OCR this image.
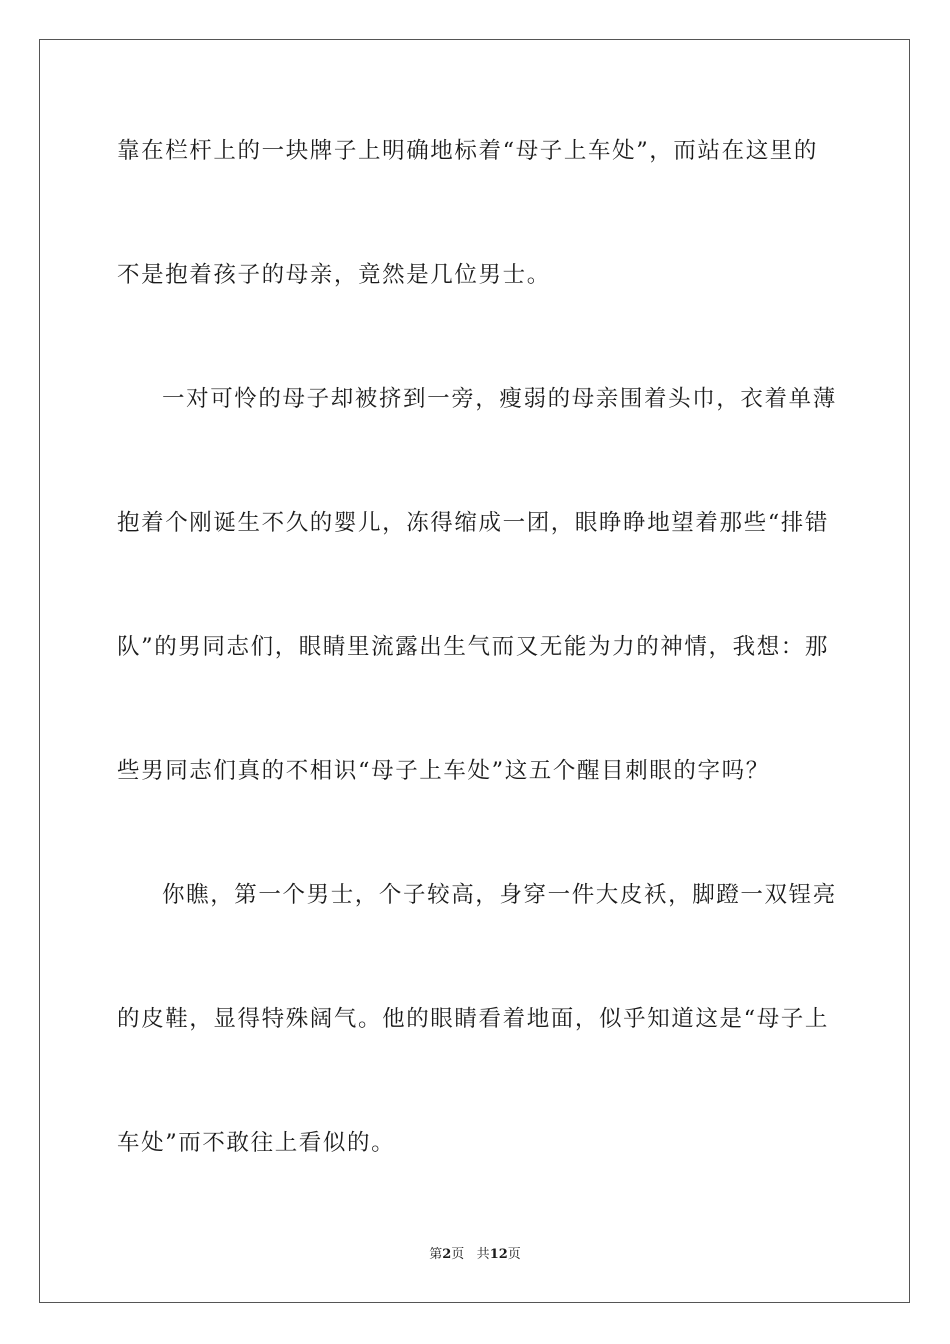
靠在栏杆上的一块牌子上明确地标着“母子上车处”，而站在这里的
不是抱着孩子的母亲，竟然是几位男士。
一对可怜的母子却被挤到一旁，瘦弱的母亲围着头巾，衣着单薄
抱着个刚诞生不久的婴儿，冻得缩成一团，眼睁睁地望着那些“排错
队”的男同志们，眼睛里流露出生气而又无能为力的神情，我想：那
些男同志们真的不相识“母子上车处”这五个醒目刺眼的字吗？
你瞧，第一个男士，个子较高，身穿一件大皮袄，脚蹬一双锃亮
的皮鞋，显得特殊阔气。他的眼睛看着地面，似乎知道这是“母子上
车处”而不敢往上看似的。
第2页 共12页
